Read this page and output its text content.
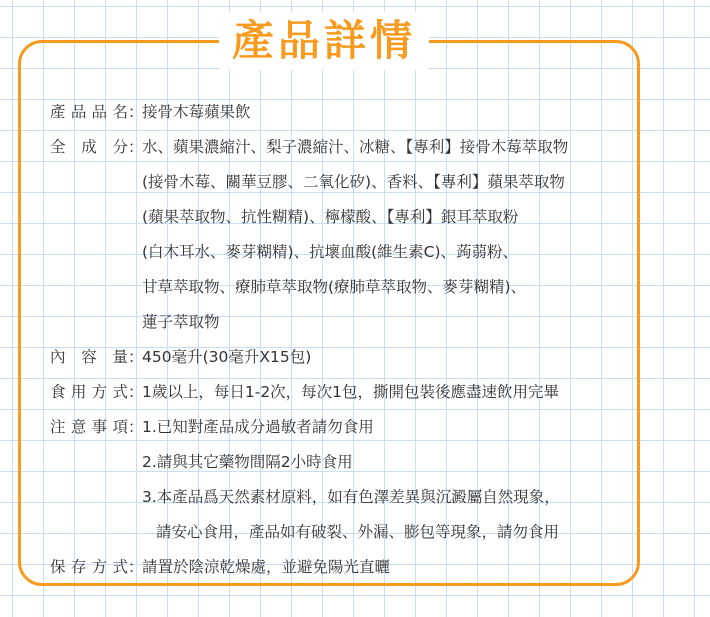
產品詳情
產品品名 ：
接骨木莓蘋果飲
全成分 ：
水、蘋果濃縮汁、梨子濃縮汁、冰糖、【專利】接骨木莓萃取物
(接骨木莓、關華豆膠、二氧化矽)、香料、【專利】蘋果萃取物
(蘋果萃取物、抗性糊精)、檸檬酸、【專利】銀耳萃取粉
(白木耳水、麥芽糊精)、抗壞血酸(維生素C)、蒟蒻粉、
甘草萃取物、療肺草萃取物(療肺草萃取物、麥芽糊精)、
蓮子萃取物
內容量 ：
450毫升(30毫升X15包)
食用方式 ：
1歲以上，每日1-2次，每次1包，撕開包裝後應盡速飲用完畢
注意事項 ：
1.已知對產品成分過敏者請勿食用
2.請與其它藥物間隔2小時食用
3.本產品爲天然素材原料，如有色澤差異與沉澱屬自然現象，
請安心食用，產品如有破裂、外漏、膨包等現象，請勿食用
保存方式 ：
請置於陰涼乾燥處，並避免陽光直曬
